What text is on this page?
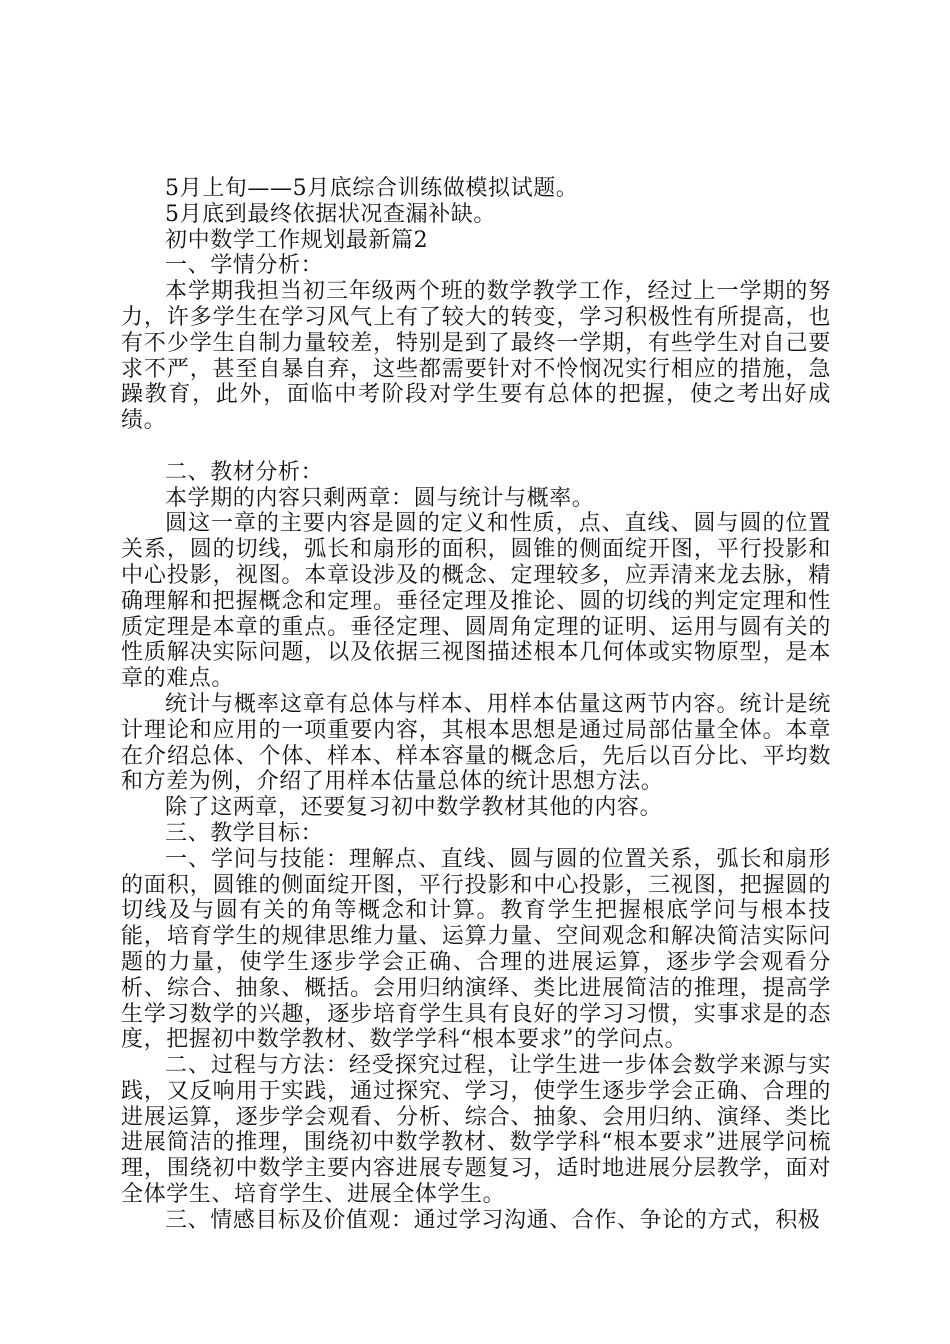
5月上旬——5月底综合训练做模拟试题。

5月底到最终依据状况查漏补缺。

初中数学工作规划最新篇2

一、学情分析：

本学期我担当初三年级两个班的数学教学工作，经过上一学期的努力，许多学生在学习风气上有了较大的转变，学习积极性有所提高，也有不少学生自制力量较差，特别是到了最终一学期，有些学生对自己要求不严，甚至自暴自弃，这些都需要针对不怜悯况实行相应的措施，急躁教育，此外，面临中考阶段对学生要有总体的把握，使之考出好成绩。

二、教材分析：

本学期的内容只剩两章：圆与统计与概率。

圆这一章的主要内容是圆的定义和性质，点、直线、圆与圆的位置关系，圆的切线，弧长和扇形的面积，圆锥的侧面绽开图，平行投影和中心投影，视图。本章设涉及的概念、定理较多，应弄清来龙去脉，精确理解和把握概念和定理。垂径定理及推论、圆的切线的判定定理和性质定理是本章的重点。垂径定理、圆周角定理的证明、运用与圆有关的性质解决实际问题，以及依据三视图描述根本几何体或实物原型，是本章的难点。

统计与概率这章有总体与样本、用样本估量这两节内容。统计是统计理论和应用的一项重要内容，其根本思想是通过局部估量全体。本章在介绍总体、个体、样本、样本容量的概念后，先后以百分比、平均数和方差为例，介绍了用样本估量总体的统计思想方法。

除了这两章，还要复习初中数学教材其他的内容。

三、教学目标：

一、学问与技能：理解点、直线、圆与圆的位置关系，弧长和扇形的面积，圆锥的侧面绽开图，平行投影和中心投影，三视图，把握圆的切线及与圆有关的角等概念和计算。教育学生把握根底学问与根本技能，培育学生的规律思维力量、运算力量、空间观念和解决简洁实际问题的力量，使学生逐步学会正确、合理的进展运算，逐步学会观看分析、综合、抽象、概括。会用归纳演绎、类比进展简洁的推理，提高学生学习数学的兴趣，逐步培育学生具有良好的学习习惯，实事求是的态度，把握初中数学教材、数学学科“根本要求”的学问点。

二、过程与方法：经受探究过程，让学生进一步体会数学来源与实践，又反响用于实践，通过探究、学习，使学生逐步学会正确、合理的进展运算，逐步学会观看、分析、综合、抽象、会用归纳、演绎、类比进展简洁的推理，围绕初中数学教材、数学学科“根本要求”进展学问梳理，围绕初中数学主要内容进展专题复习，适时地进展分层教学，面对全体学生、培育学生、进展全体学生。

三、情感目标及价值观：通过学习沟通、合作、争论的方式，积极
